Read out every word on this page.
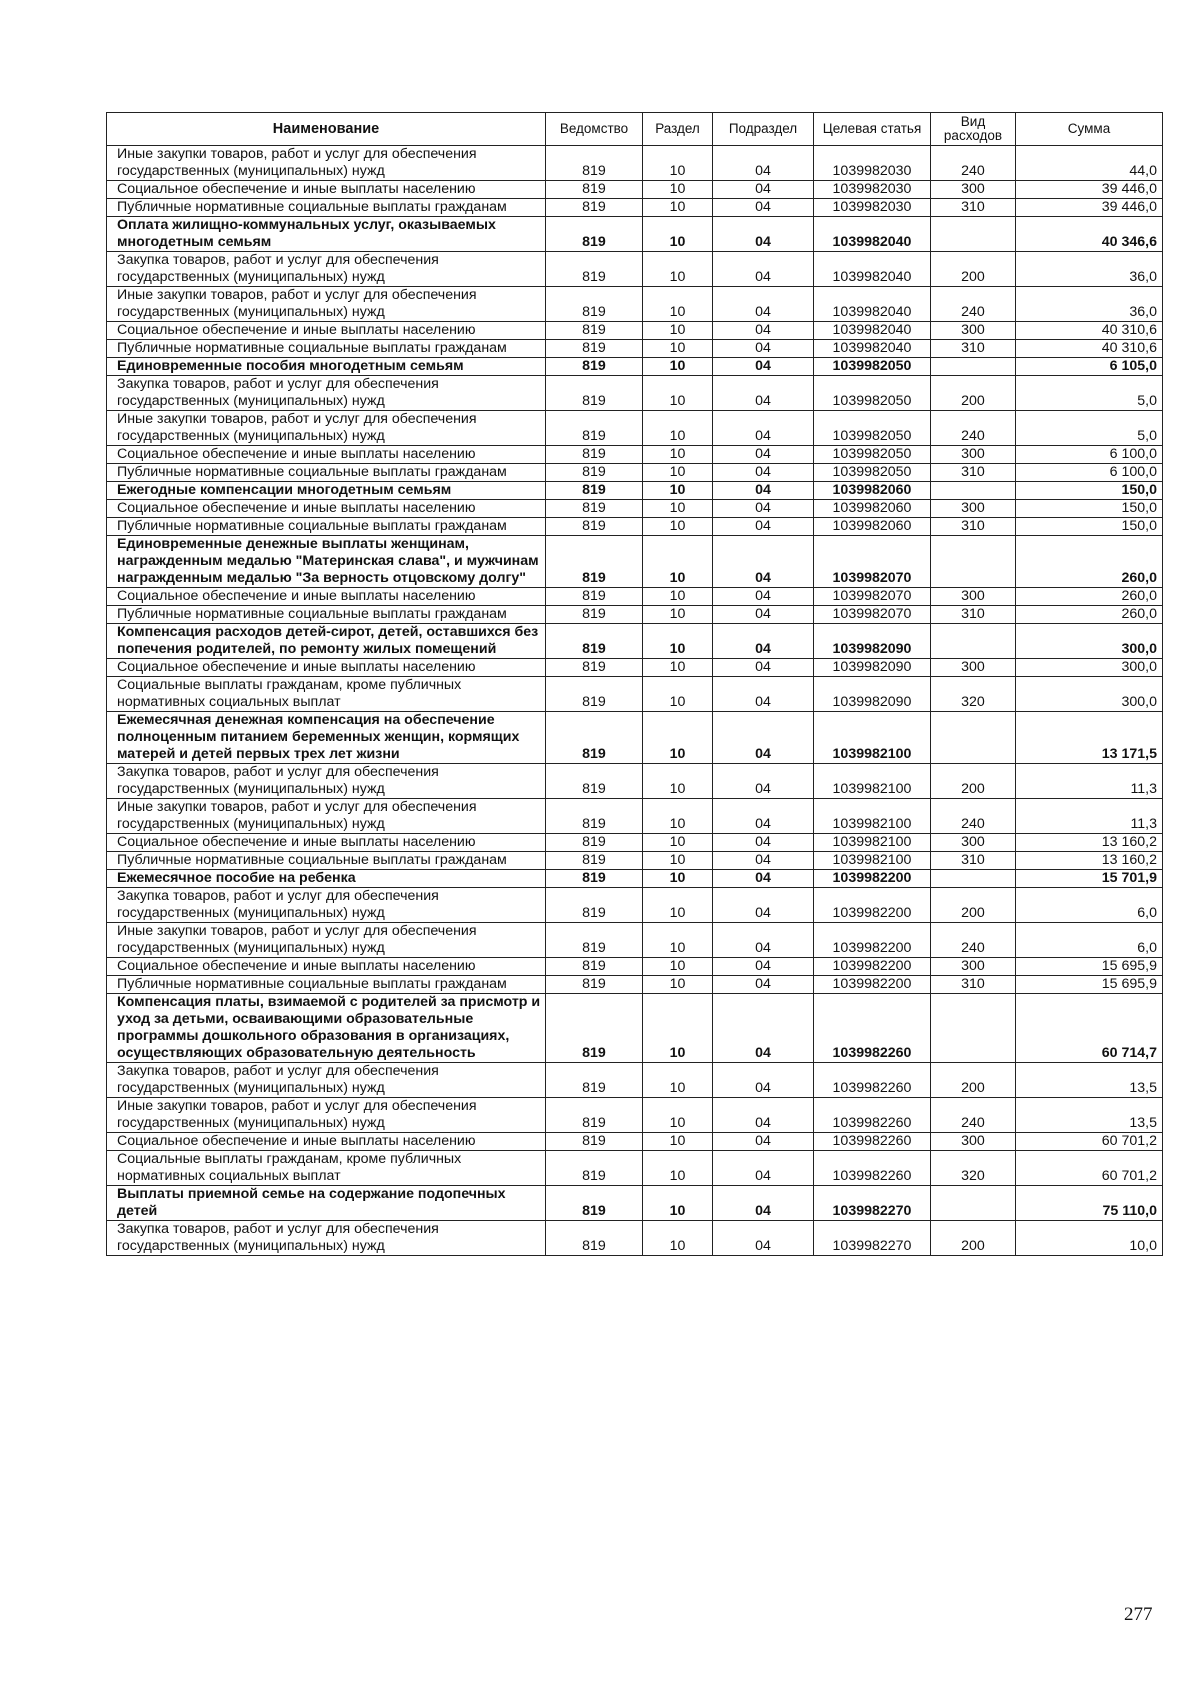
Наименование	Ведомство	Раздел	Подраздел	Целевая статья	Вид расходов	Сумма
Иные закупки товаров, работ и услуг для обеспечения государственных (муниципальных) нужд	819	10	04	1039982030	240	44,0
Социальное обеспечение и иные выплаты населению	819	10	04	1039982030	300	39 446,0
Публичные нормативные социальные выплаты гражданам	819	10	04	1039982030	310	39 446,0
Оплата жилищно-коммунальных услуг, оказываемых многодетным семьям	819	10	04	1039982040		40 346,6
Закупка товаров, работ и услуг для обеспечения государственных (муниципальных) нужд	819	10	04	1039982040	200	36,0
Иные закупки товаров, работ и услуг для обеспечения государственных (муниципальных) нужд	819	10	04	1039982040	240	36,0
Социальное обеспечение и иные выплаты населению	819	10	04	1039982040	300	40 310,6
Публичные нормативные социальные выплаты гражданам	819	10	04	1039982040	310	40 310,6
Единовременные пособия многодетным семьям	819	10	04	1039982050		6 105,0
Закупка товаров, работ и услуг для обеспечения государственных (муниципальных) нужд	819	10	04	1039982050	200	5,0
Иные закупки товаров, работ и услуг для обеспечения государственных (муниципальных) нужд	819	10	04	1039982050	240	5,0
Социальное обеспечение и иные выплаты населению	819	10	04	1039982050	300	6 100,0
Публичные нормативные социальные выплаты гражданам	819	10	04	1039982050	310	6 100,0
Ежегодные компенсации многодетным семьям	819	10	04	1039982060		150,0
Социальное обеспечение и иные выплаты населению	819	10	04	1039982060	300	150,0
Публичные нормативные социальные выплаты гражданам	819	10	04	1039982060	310	150,0
Единовременные денежные выплаты женщинам, награжденным медалью "Материнская слава", и мужчинам награжденным медалью "За верность отцовскому долгу"	819	10	04	1039982070		260,0
Социальное обеспечение и иные выплаты населению	819	10	04	1039982070	300	260,0
Публичные нормативные социальные выплаты гражданам	819	10	04	1039982070	310	260,0
Компенсация расходов детей-сирот, детей, оставшихся без попечения родителей, по ремонту жилых помещений	819	10	04	1039982090		300,0
Социальное обеспечение и иные выплаты населению	819	10	04	1039982090	300	300,0
Социальные выплаты гражданам, кроме публичных нормативных социальных выплат	819	10	04	1039982090	320	300,0
Ежемесячная денежная компенсация на обеспечение полноценным питанием беременных женщин, кормящих матерей и детей первых трех лет жизни	819	10	04	1039982100		13 171,5
Закупка товаров, работ и услуг для обеспечения государственных (муниципальных) нужд	819	10	04	1039982100	200	11,3
Иные закупки товаров, работ и услуг для обеспечения государственных (муниципальных) нужд	819	10	04	1039982100	240	11,3
Социальное обеспечение и иные выплаты населению	819	10	04	1039982100	300	13 160,2
Публичные нормативные социальные выплаты гражданам	819	10	04	1039982100	310	13 160,2
Ежемесячное пособие на ребенка	819	10	04	1039982200		15 701,9
Закупка товаров, работ и услуг для обеспечения государственных (муниципальных) нужд	819	10	04	1039982200	200	6,0
Иные закупки товаров, работ и услуг для обеспечения государственных (муниципальных) нужд	819	10	04	1039982200	240	6,0
Социальное обеспечение и иные выплаты населению	819	10	04	1039982200	300	15 695,9
Публичные нормативные социальные выплаты гражданам	819	10	04	1039982200	310	15 695,9
Компенсация платы, взимаемой с родителей за присмотр и уход за детьми, осваивающими образовательные программы дошкольного образования в организациях, осуществляющих образовательную деятельность	819	10	04	1039982260		60 714,7
Закупка товаров, работ и услуг для обеспечения государственных (муниципальных) нужд	819	10	04	1039982260	200	13,5
Иные закупки товаров, работ и услуг для обеспечения государственных (муниципальных) нужд	819	10	04	1039982260	240	13,5
Социальное обеспечение и иные выплаты населению	819	10	04	1039982260	300	60 701,2
Социальные выплаты гражданам, кроме публичных нормативных социальных выплат	819	10	04	1039982260	320	60 701,2
Выплаты приемной семье на содержание подопечных детей	819	10	04	1039982270		75 110,0
Закупка товаров, работ и услуг для обеспечения государственных (муниципальных) нужд	819	10	04	1039982270	200	10,0
277
